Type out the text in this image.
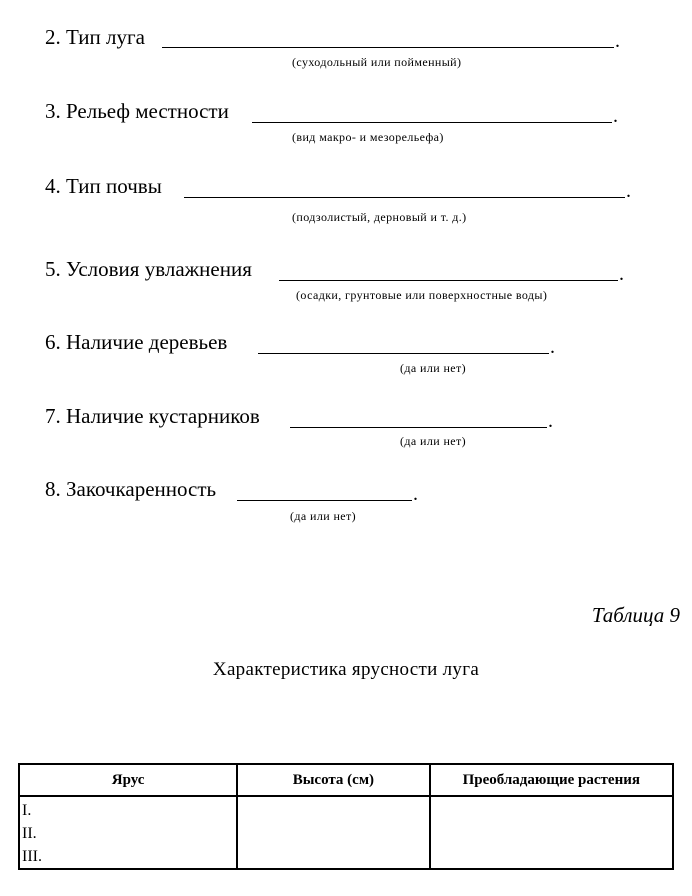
2. Тип луга	.
(суходольный или пойменный)
3. Рельеф местности	.
(вид макро- и мезорельефа)
4. Тип почвы	.
(подзолистый, дерновый и т. д.)
5. Условия увлажнения	.
(осадки, грунтовые или поверхностные воды)
6. Наличие деревьев	.
(да или нет)
7. Наличие кустарников	.
(да или нет)
8. Закочкаренность	.
(да или нет)
Таблица 9
Характеристика ярусности луга
Ярус	Высота (см)	Преобладающие растения

I.
II.
III.		
